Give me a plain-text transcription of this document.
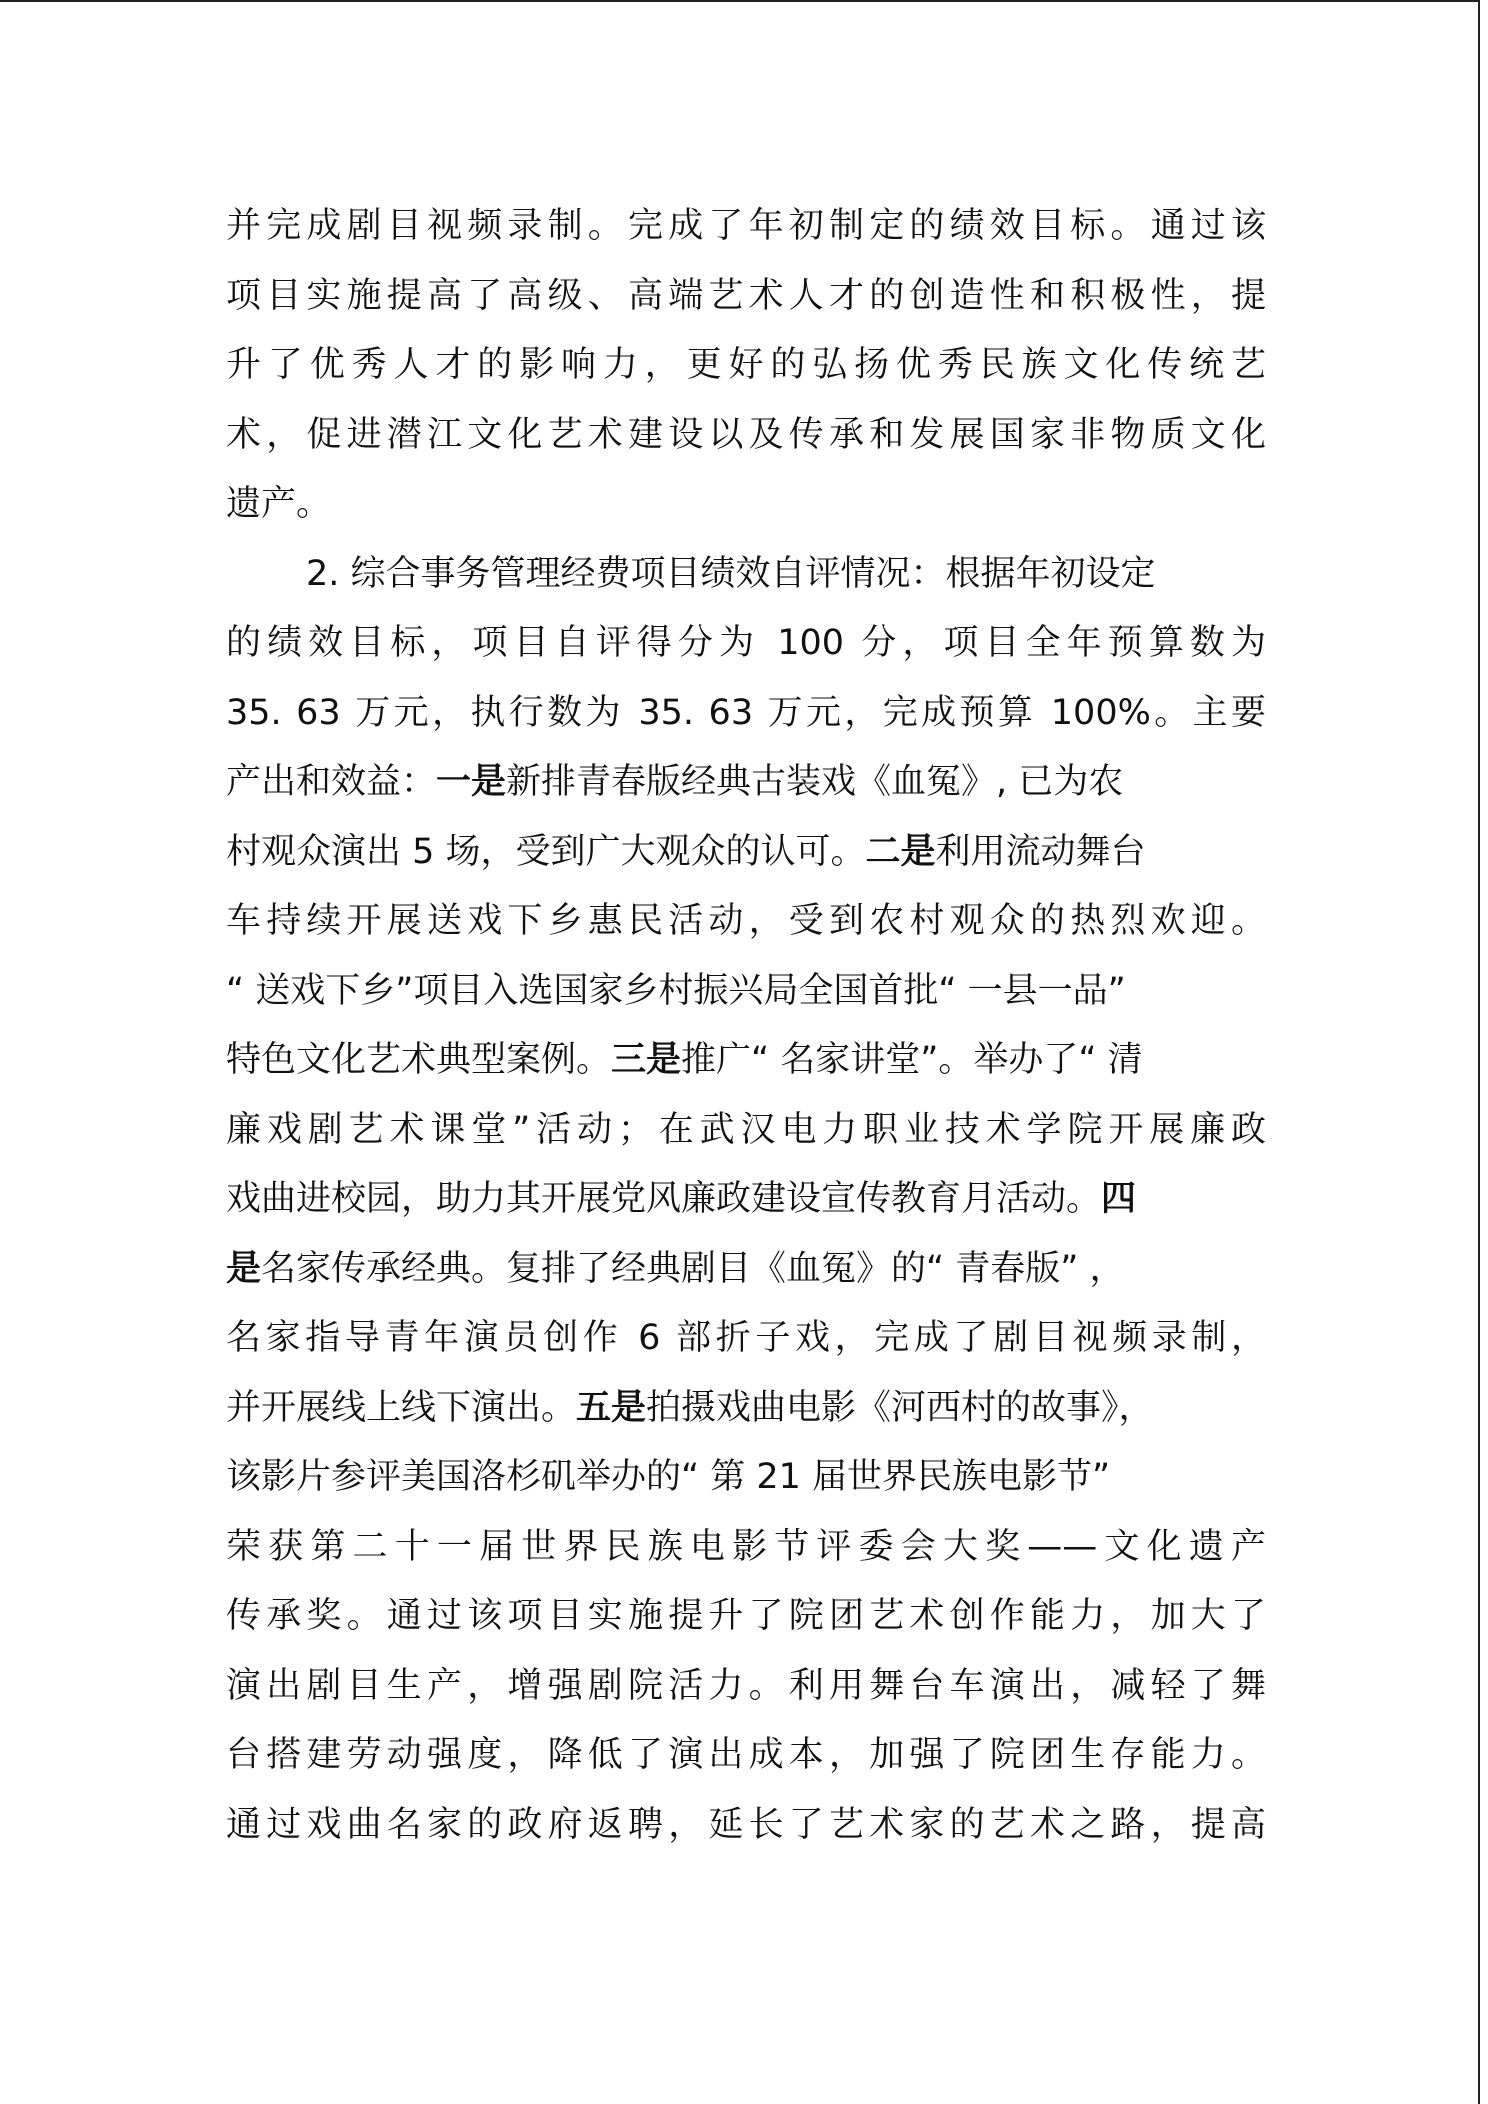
并完成剧目视频录制。完成了年初制定的绩效目标。通过该
项目实施提高了高级、高端艺术人才的创造性和积极性，提
升了优秀人才的影响力，更好的弘扬优秀民族文化传统艺
术，促进潜江文化艺术建设以及传承和发展国家非物质文化
遗产。
2. 综合事务管理经费项目绩效自评情况：根据年初设定
的绩效目标，项目自评得分为 100 分，项目全年预算数为
35. 63 万元，执行数为 35. 63 万元，完成预算 100%。主要
产出和效益：一是新排青春版经典古装戏《血冤》, 已为农
村观众演出 5 场，受到广大观众的认可。二是利用流动舞台
车持续开展送戏下乡惠民活动，受到农村观众的热烈欢迎。
“ 送戏下乡”项目入选国家乡村振兴局全国首批“ 一县一品”
特色文化艺术典型案例。三是推广“ 名家讲堂”。举办了“ 清
廉戏剧艺术课堂”活动；在武汉电力职业技术学院开展廉政
戏曲进校园，助力其开展党风廉政建设宣传教育月活动。四
是名家传承经典。复排了经典剧目《血冤》的“ 青春版” ，
名家指导青年演员创作 6 部折子戏，完成了剧目视频录制，
并开展线上线下演出。五是拍摄戏曲电影《河西村的故事》，
该影片参评美国洛杉矶举办的“ 第 21 届世界民族电影节”
荣获第二十一届世界民族电影节评委会大奖——文化遗产
传承奖。通过该项目实施提升了院团艺术创作能力，加大了
演出剧目生产，增强剧院活力。利用舞台车演出，减轻了舞
台搭建劳动强度，降低了演出成本，加强了院团生存能力。
通过戏曲名家的政府返聘，延长了艺术家的艺术之路，提高
